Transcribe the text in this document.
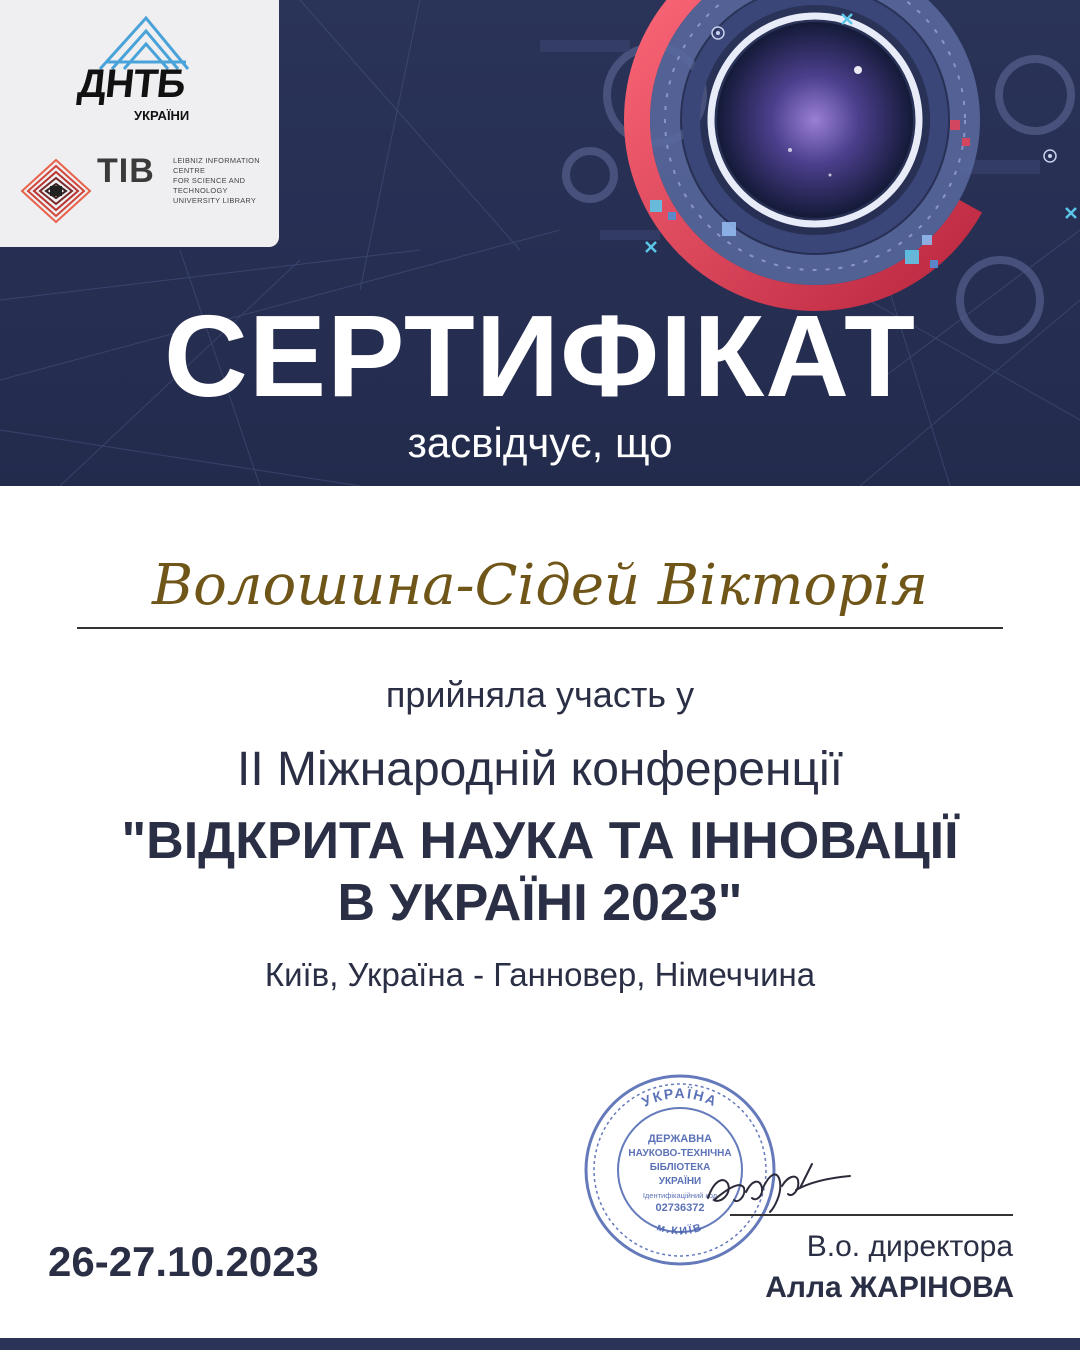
ДНТБ
УКРАЇНИ
TIB LEIBNIZ INFORMATION CENTRE
FOR SCIENCE AND TECHNOLOGY
UNIVERSITY LIBRARY
СЕРТИФІКАТ
засвідчує, що
Волошина-Сідей Вікторія
прийняла участь у
ІІ Міжнародній конференції
"ВІДКРИТА НАУКА ТА ІННОВАЦІЇ
В УКРАЇНІ 2023"
Київ, Україна - Ганновер, Німеччина
26-27.10.2023
УКРАЇНА
м.КИЇВ
ДЕРЖАВНА
НАУКОВО-ТЕХНІЧНА
БІБЛІОТЕКА
УКРАЇНИ
Ідентифікаційний код
02736372
В.о. директора
Алла ЖАРІНОВА
